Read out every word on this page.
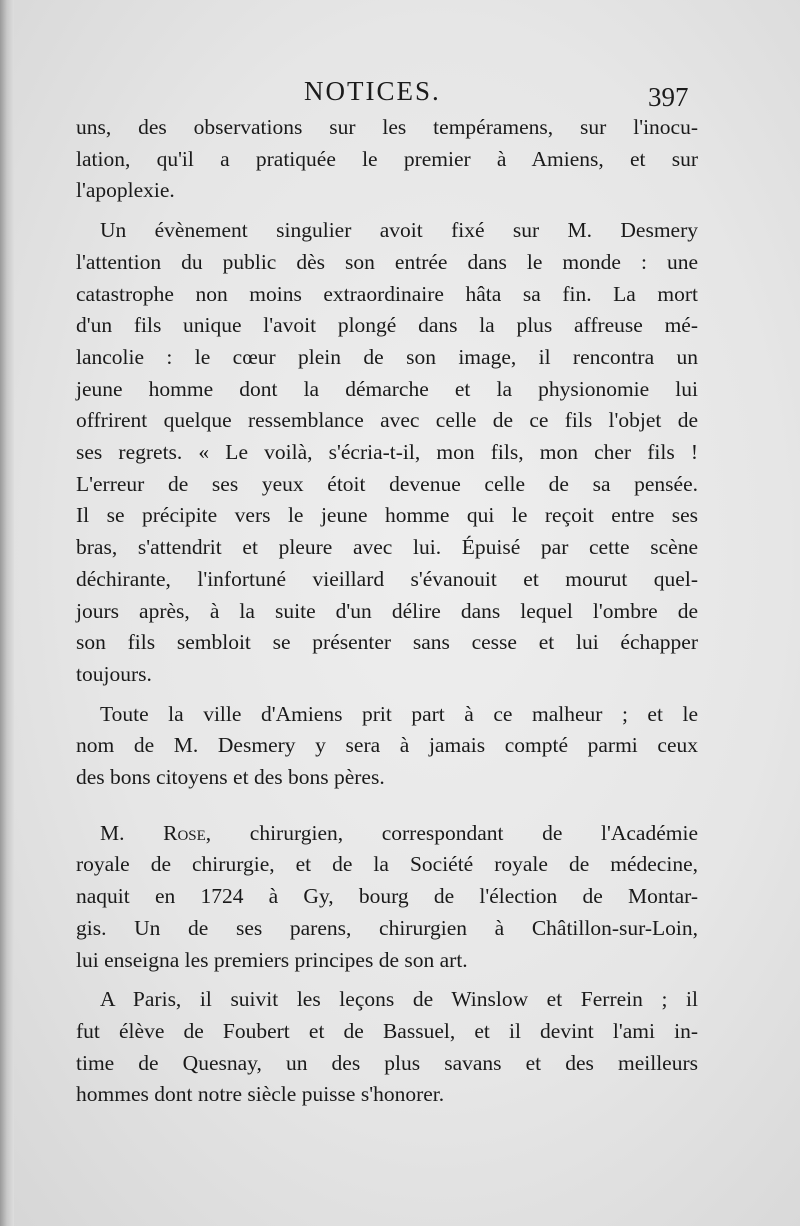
NOTICES.	397
uns, des observations sur les tempéramens, sur l'inocu-
lation, qu'il a pratiquée le premier à Amiens, et sur
l'apoplexie.
Un évènement singulier avoit fixé sur M. Desmery
l'attention du public dès son entrée dans le monde : une
catastrophe non moins extraordinaire hâta sa fin. La mort
d'un fils unique l'avoit plongé dans la plus affreuse mé-
lancolie : le cœur plein de son image, il rencontra un
jeune homme dont la démarche et la physionomie lui
offrirent quelque ressemblance avec celle de ce fils l'objet de
ses regrets. « Le voilà, s'écria-t-il, mon fils, mon cher fils !
L'erreur de ses yeux étoit devenue celle de sa pensée.
Il se précipite vers le jeune homme qui le reçoit entre ses
bras, s'attendrit et pleure avec lui. Épuisé par cette scène
déchirante, l'infortuné vieillard s'évanouit et mourut quel-
jours après, à la suite d'un délire dans lequel l'ombre de
son fils sembloit se présenter sans cesse et lui échapper
toujours.
Toute la ville d'Amiens prit part à ce malheur ; et le
nom de M. Desmery y sera à jamais compté parmi ceux
des bons citoyens et des bons pères.
M. Rose, chirurgien, correspondant de l'Académie
royale de chirurgie, et de la Société royale de médecine,
naquit en 1724 à Gy, bourg de l'élection de Montar-
gis. Un de ses parens, chirurgien à Châtillon-sur-Loin,
lui enseigna les premiers principes de son art.
A Paris, il suivit les leçons de Winslow et Ferrein ; il
fut élève de Foubert et de Bassuel, et il devint l'ami in-
time de Quesnay, un des plus savans et des meilleurs
hommes dont notre siècle puisse s'honorer.
